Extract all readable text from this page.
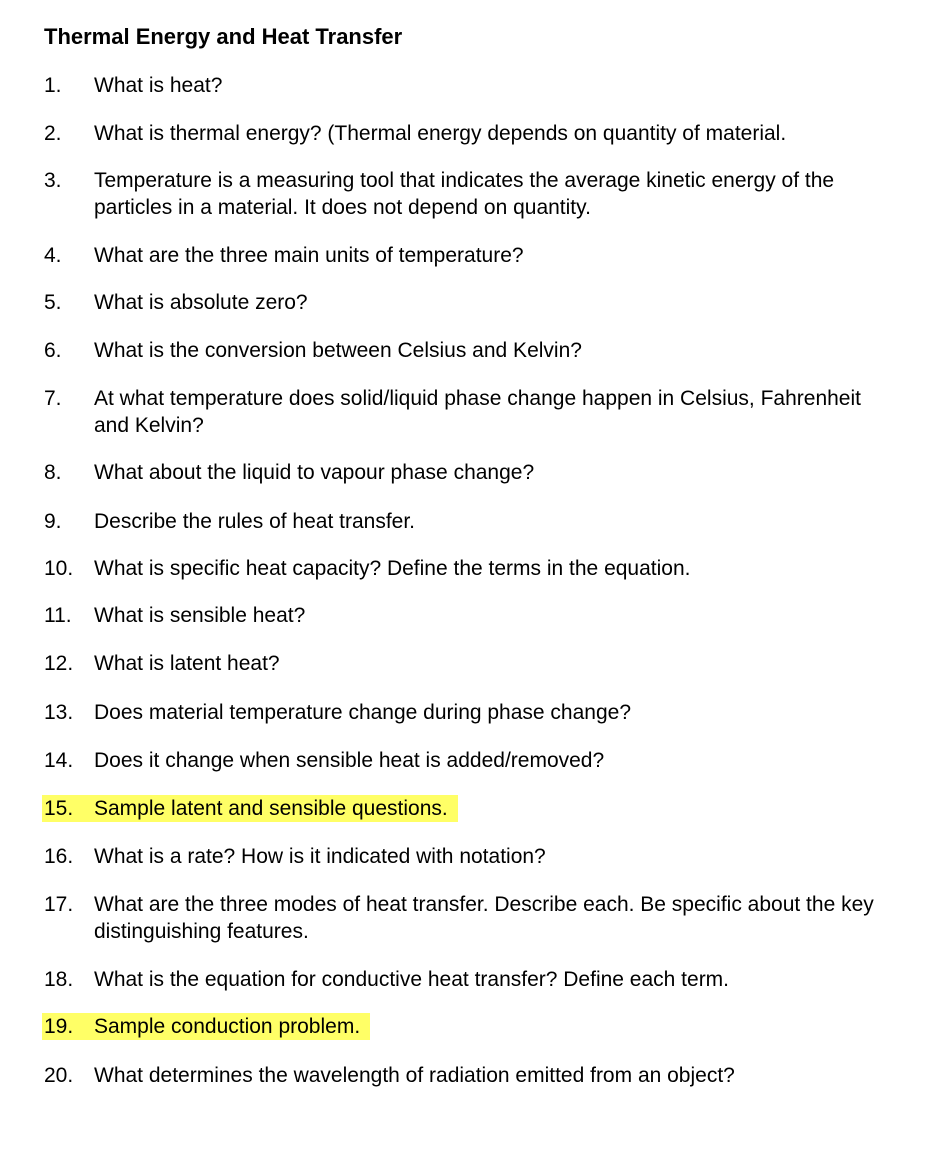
Thermal Energy and Heat Transfer
1. What is heat?
2. What is thermal energy? (Thermal energy depends on quantity of material.
3. Temperature is a measuring tool that indicates the average kinetic energy of the particles in a material. It does not depend on quantity.
4. What are the three main units of temperature?
5. What is absolute zero?
6. What is the conversion between Celsius and Kelvin?
7. At what temperature does solid/liquid phase change happen in Celsius, Fahrenheit and Kelvin?
8. What about the liquid to vapour phase change?
9. Describe the rules of heat transfer.
10. What is specific heat capacity? Define the terms in the equation.
11. What is sensible heat?
12. What is latent heat?
13. Does material temperature change during phase change?
14. Does it change when sensible heat is added/removed?
15. Sample latent and sensible questions.
16. What is a rate? How is it indicated with notation?
17. What are the three modes of heat transfer. Describe each. Be specific about the key distinguishing features.
18. What is the equation for conductive heat transfer? Define each term.
19. Sample conduction problem.
20. What determines the wavelength of radiation emitted from an object?
